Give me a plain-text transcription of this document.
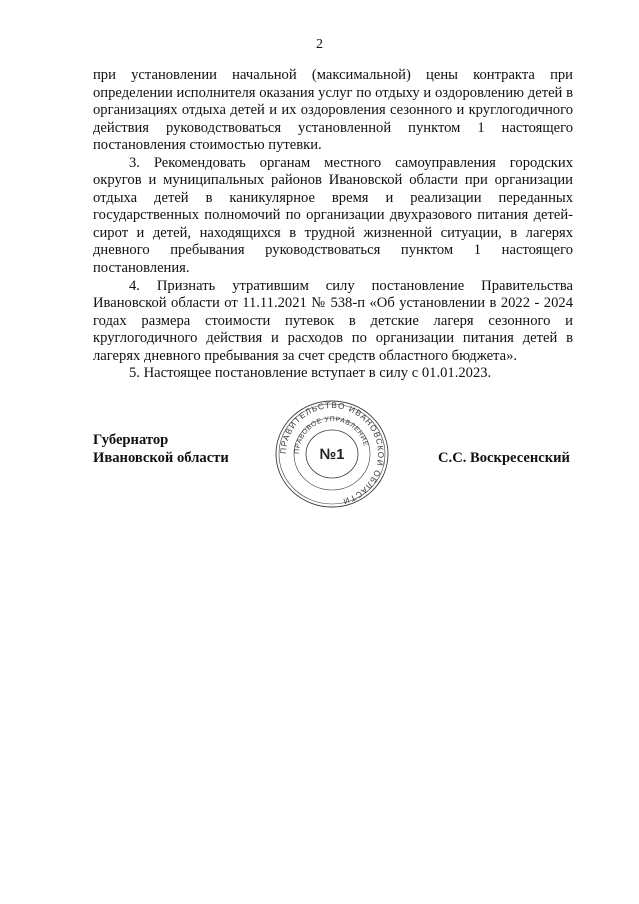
2

при установлении начальной (максимальной) цены контракта при определении исполнителя оказания услуг по отдыху и оздоровлению детей в организациях отдыха детей и их оздоровления сезонного и круглогодичного действия руководствоваться установленной пунктом 1 настоящего постановления стоимостью путевки.

3. Рекомендовать органам местного самоуправления городских округов и муниципальных районов Ивановской области при организации отдыха детей в каникулярное время и реализации переданных государственных полномочий по организации двухразового питания детей-сирот и детей, находящихся в трудной жизненной ситуации, в лагерях дневного пребывания руководствоваться пунктом 1 настоящего постановления.

4. Признать утратившим силу постановление Правительства Ивановской области от 11.11.2021 № 538-п «Об установлении в 2022 - 2024 годах размера стоимости путевок в детские лагеря сезонного и круглогодичного действия и расходов по организации питания детей в лагерях дневного пребывания за счет средств областного бюджета».

5. Настоящее постановление вступает в силу с 01.01.2023.

Губернатор
Ивановской области	ПРАВИТЕЛЬСТВО ИВАНОВСКОЙ ОБЛАСТИ
ПРАВОВОЕ УПРАВЛЕНИЕ
№1	С.С. Воскресенский
